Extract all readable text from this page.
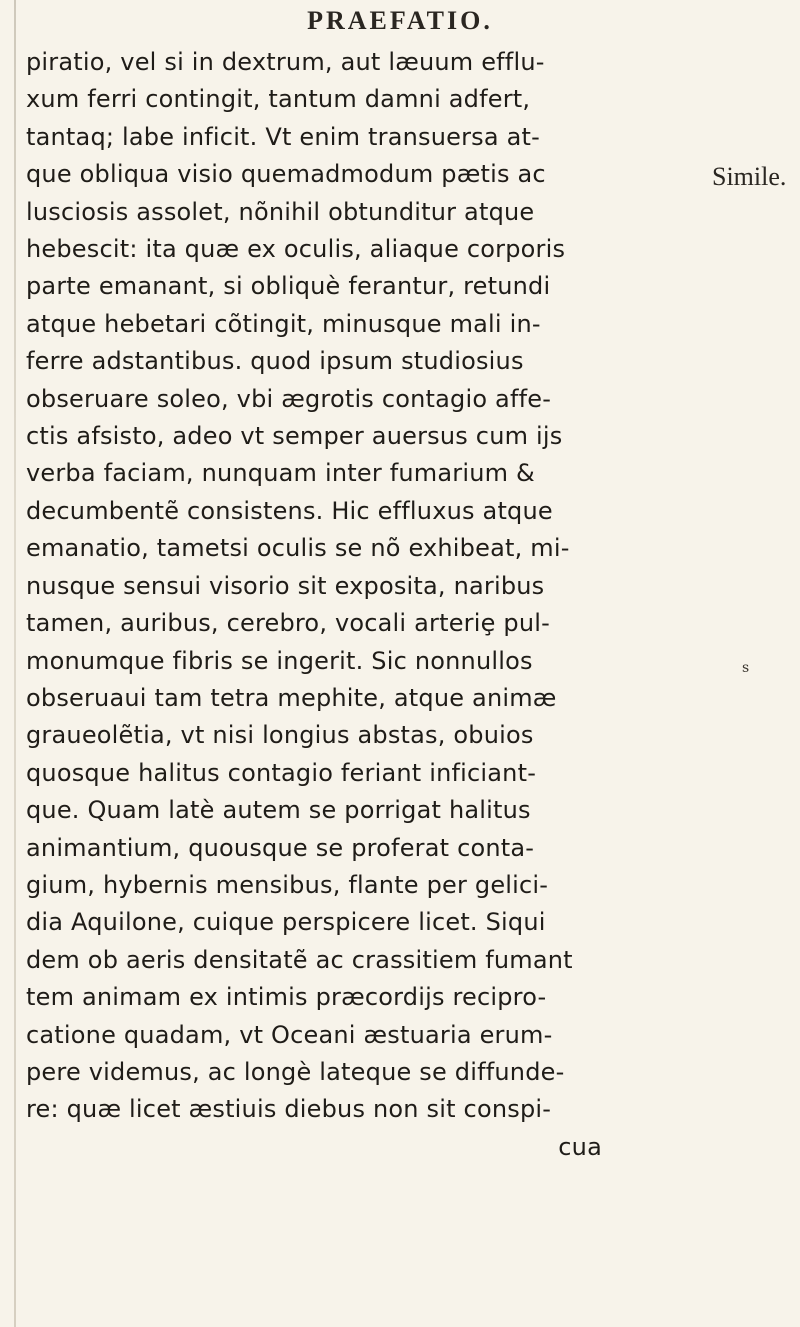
PRAEFATIO.
Simile.
s
piratio, vel si in dextrum, aut læuum efflu-
xum ferri contingit, tantum damni adfert,
tantaq; labe inficit. Vt enim transuersa at-
que obliqua visio quemadmodum pætis ac
lusciosis assolet, nõnihil obtunditur atque
hebescit: ita quæ ex oculis, aliaque corporis
parte emanant, si obliquè ferantur, retundi
atque hebetari cõtingit, minusque mali in-
ferre adstantibus. quod ipsum studiosius
obseruare soleo, vbi ægrotis contagio affe-
ctis afsisto, adeo vt semper auersus cum ijs
verba faciam, nunquam inter fumarium &
decumbentẽ consistens. Hic effluxus atque
emanatio, tametsi oculis se nõ exhibeat, mi-
nusque sensui visorio sit exposita, naribus
tamen, auribus, cerebro, vocali arteriȩ pul-
monumque fibris se ingerit. Sic nonnullos
obseruaui tam tetra mephite, atque animæ
graueolẽtia, vt nisi longius abstas, obuios
quosque halitus contagio feriant inficiant-
que. Quam latè autem se porrigat halitus
animantium, quousque se proferat conta-
gium, hybernis mensibus, flante per gelici-
dia Aquilone, cuique perspicere licet. Siqui
dem ob aeris densitatẽ ac crassitiem fumant
tem animam ex intimis præcordijs recipro-
catione quadam, vt Oceani æstuaria erum-
pere videmus, ac longè lateque se diffunde-
re: quæ licet æstiuis diebus non sit conspi-
cua
